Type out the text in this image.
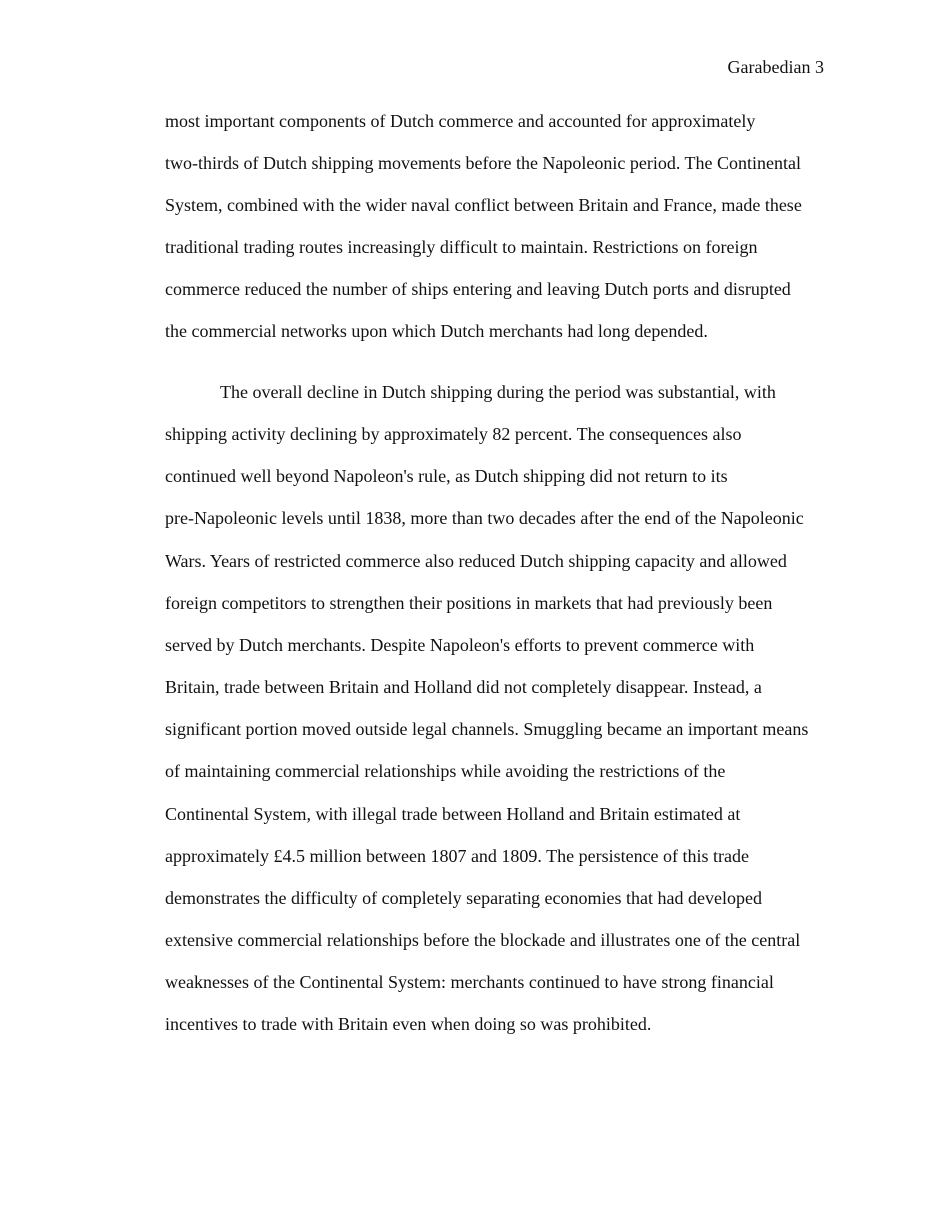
Garabedian 3
most important components of Dutch commerce and accounted for approximately
two-thirds of Dutch shipping movements before the Napoleonic period. The Continental
System, combined with the wider naval conflict between Britain and France, made these
traditional trading routes increasingly difficult to maintain. Restrictions on foreign
commerce reduced the number of ships entering and leaving Dutch ports and disrupted
the commercial networks upon which Dutch merchants had long depended.
The overall decline in Dutch shipping during the period was substantial, with
shipping activity declining by approximately 82 percent. The consequences also
continued well beyond Napoleon's rule, as Dutch shipping did not return to its
pre-Napoleonic levels until 1838, more than two decades after the end of the Napoleonic
Wars. Years of restricted commerce also reduced Dutch shipping capacity and allowed
foreign competitors to strengthen their positions in markets that had previously been
served by Dutch merchants. Despite Napoleon's efforts to prevent commerce with
Britain, trade between Britain and Holland did not completely disappear. Instead, a
significant portion moved outside legal channels. Smuggling became an important means
of maintaining commercial relationships while avoiding the restrictions of the
Continental System, with illegal trade between Holland and Britain estimated at
approximately £4.5 million between 1807 and 1809. The persistence of this trade
demonstrates the difficulty of completely separating economies that had developed
extensive commercial relationships before the blockade and illustrates one of the central
weaknesses of the Continental System: merchants continued to have strong financial
incentives to trade with Britain even when doing so was prohibited.
